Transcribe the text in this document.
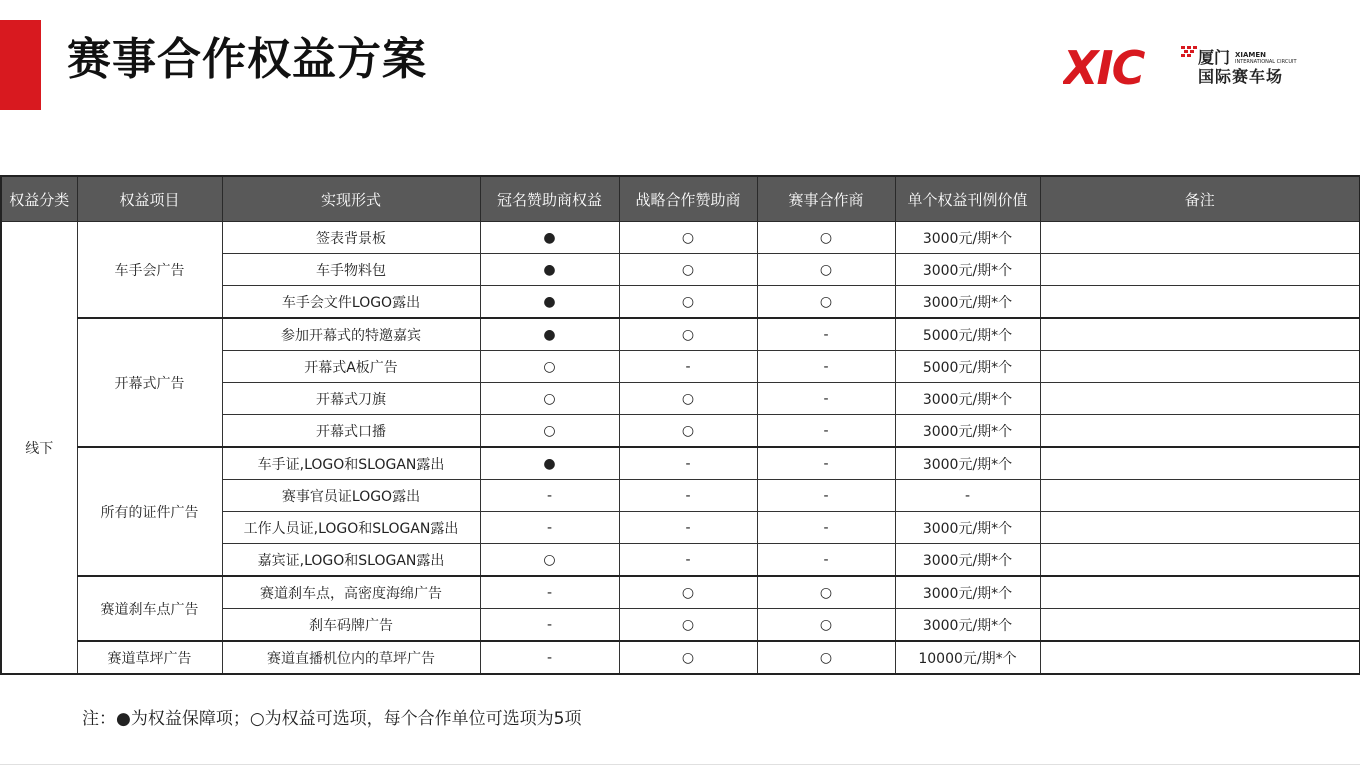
赛事合作权益方案	XIC	厦门 XIAMEN
INTERNATIONAL CIRCUIT
国际赛车场
权益分类	权益项目	实现形式	冠名赞助商权益	战略合作赞助商	赛事合作商	单个权益刊例价值	备注
线下	车手会广告	签表背景板	●	○	○	3000元/期*个	
		车手物料包	●	○	○	3000元/期*个	
		车手会文件LOGO露出	●	○	○	3000元/期*个	
	开幕式广告	参加开幕式的特邀嘉宾	●	○	-	5000元/期*个	
		开幕式A板广告	○	-	-	5000元/期*个	
		开幕式刀旗	○	○	-	3000元/期*个	
		开幕式口播	○	○	-	3000元/期*个	
	所有的证件广告	车手证,LOGO和SLOGAN露出	●	-	-	3000元/期*个	
		赛事官员证LOGO露出	-	-	-	-	
		工作人员证,LOGO和SLOGAN露出	-	-	-	3000元/期*个	
		嘉宾证,LOGO和SLOGAN露出	○	-	-	3000元/期*个	
	赛道刹车点广告	赛道刹车点，高密度海绵广告	-	○	○	3000元/期*个	
		刹车码牌广告	-	○	○	3000元/期*个	
	赛道草坪广告	赛道直播机位内的草坪广告	-	○	○	10000元/期*个	
注：●为权益保障项；○为权益可选项，每个合作单位可选项为5项
